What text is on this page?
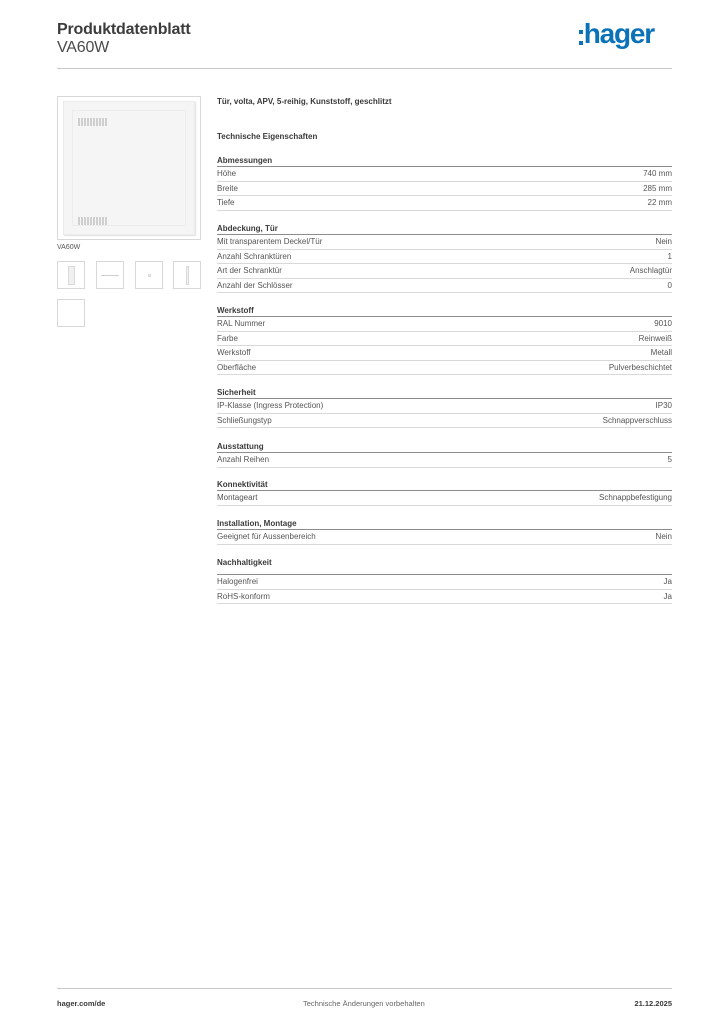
Produktdatenblatt
VA60W	hager
VA60W
Tür, volta, APV, 5-reihig, Kunststoff, geschlitzt
Technische Eigenschaften
Abmessungen
Höhe	740 mm
Breite	285 mm
Tiefe	22 mm
Abdeckung, Tür
Mit transparentem Deckel/Tür	Nein
Anzahl Schranktüren	1
Art der Schranktür	Anschlagtür
Anzahl der Schlösser	0
Werkstoff
RAL Nummer	9010
Farbe	Reinweiß
Werkstoff	Metall
Oberfläche	Pulverbeschichtet
Sicherheit
IP-Klasse (Ingress Protection)	IP30
Schließungstyp	Schnappverschluss
Ausstattung
Anzahl Reihen	5
Konnektivität
Montageart	Schnappbefestigung
Installation, Montage
Geeignet für Aussenbereich	Nein
Nachhaltigkeit
Halogenfrei	Ja
RoHS-konform	Ja
hager.com/de	Technische Änderungen vorbehalten	21.12.2025
